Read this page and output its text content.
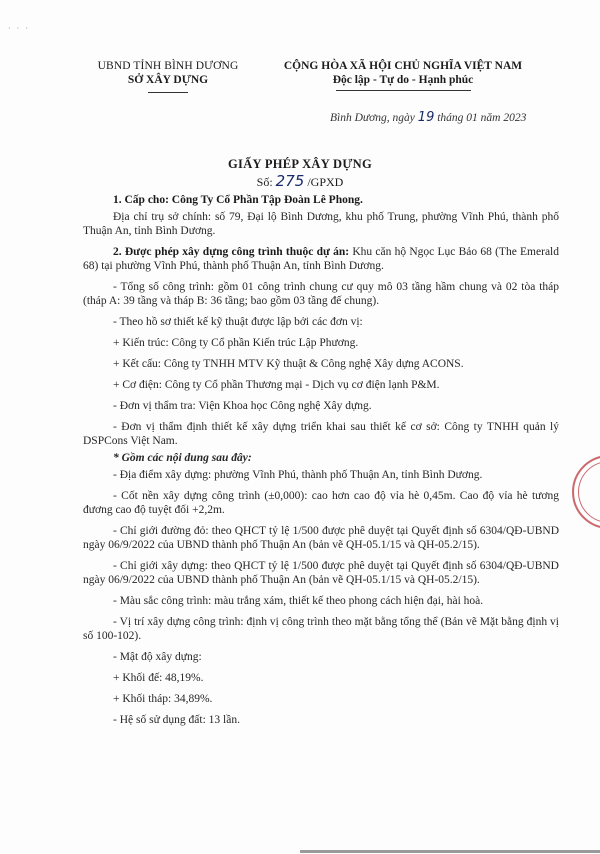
· · ·
UBND TỈNH BÌNH DƯƠNG
SỞ XÂY DỰNG
CỘNG HÒA XÃ HỘI CHỦ NGHĨA VIỆT NAM
Độc lập - Tự do - Hạnh phúc
Bình Dương, ngày 19 tháng 01 năm 2023
GIẤY PHÉP XÂY DỰNG
Số: 275 /GPXD

1. Cấp cho: Công Ty Cổ Phần Tập Đoàn Lê Phong.

Địa chỉ trụ sở chính: số 79, Đại lộ Bình Dương, khu phố Trung, phường Vĩnh Phú, thành phố Thuận An, tỉnh Bình Dương.

2. Được phép xây dựng công trình thuộc dự án: Khu căn hộ Ngọc Lục Bảo 68 (The Emerald 68) tại phường Vĩnh Phú, thành phố Thuận An, tỉnh Bình Dương.

- Tổng số công trình: gồm 01 công trình chung cư quy mô 03 tầng hầm chung và 02 tòa tháp (tháp A: 39 tầng và tháp B: 36 tầng; bao gồm 03 tầng đế chung).

- Theo hồ sơ thiết kế kỹ thuật được lập bởi các đơn vị:

+ Kiến trúc: Công ty Cổ phần Kiến trúc Lập Phương.

+ Kết cấu: Công ty TNHH MTV Kỹ thuật & Công nghệ Xây dựng ACONS.

+ Cơ điện: Công ty Cổ phần Thương mại - Dịch vụ cơ điện lạnh P&M.

- Đơn vị thẩm tra: Viện Khoa học Công nghệ Xây dựng.

- Đơn vị thẩm định thiết kế xây dựng triển khai sau thiết kế cơ sở: Công ty TNHH quản lý DSPCons Việt Nam.

* Gồm các nội dung sau đây:

- Địa điểm xây dựng: phường Vĩnh Phú, thành phố Thuận An, tỉnh Bình Dương.

- Cốt nền xây dựng công trình (±0,000): cao hơn cao độ vỉa hè 0,45m. Cao độ vỉa hè tương đương cao độ tuyệt đối +2,2m.

- Chỉ giới đường đỏ: theo QHCT tỷ lệ 1/500 được phê duyệt tại Quyết định số 6304/QĐ-UBND ngày 06/9/2022 của UBND thành phố Thuận An (bản vẽ QH-05.1/15 và QH-05.2/15).

- Chỉ giới xây dựng: theo QHCT tỷ lệ 1/500 được phê duyệt tại Quyết định số 6304/QĐ-UBND ngày 06/9/2022 của UBND thành phố Thuận An (bản vẽ QH-05.1/15 và QH-05.2/15).

- Màu sắc công trình: màu trắng xám, thiết kế theo phong cách hiện đại, hài hoà.

- Vị trí xây dựng công trình: định vị công trình theo mặt bằng tổng thể (Bản vẽ Mặt bằng định vị số 100-102).

- Mật độ xây dựng:

+ Khối đế: 48,19%.

+ Khối tháp: 34,89%.

- Hệ số sử dụng đất: 13 lần.
